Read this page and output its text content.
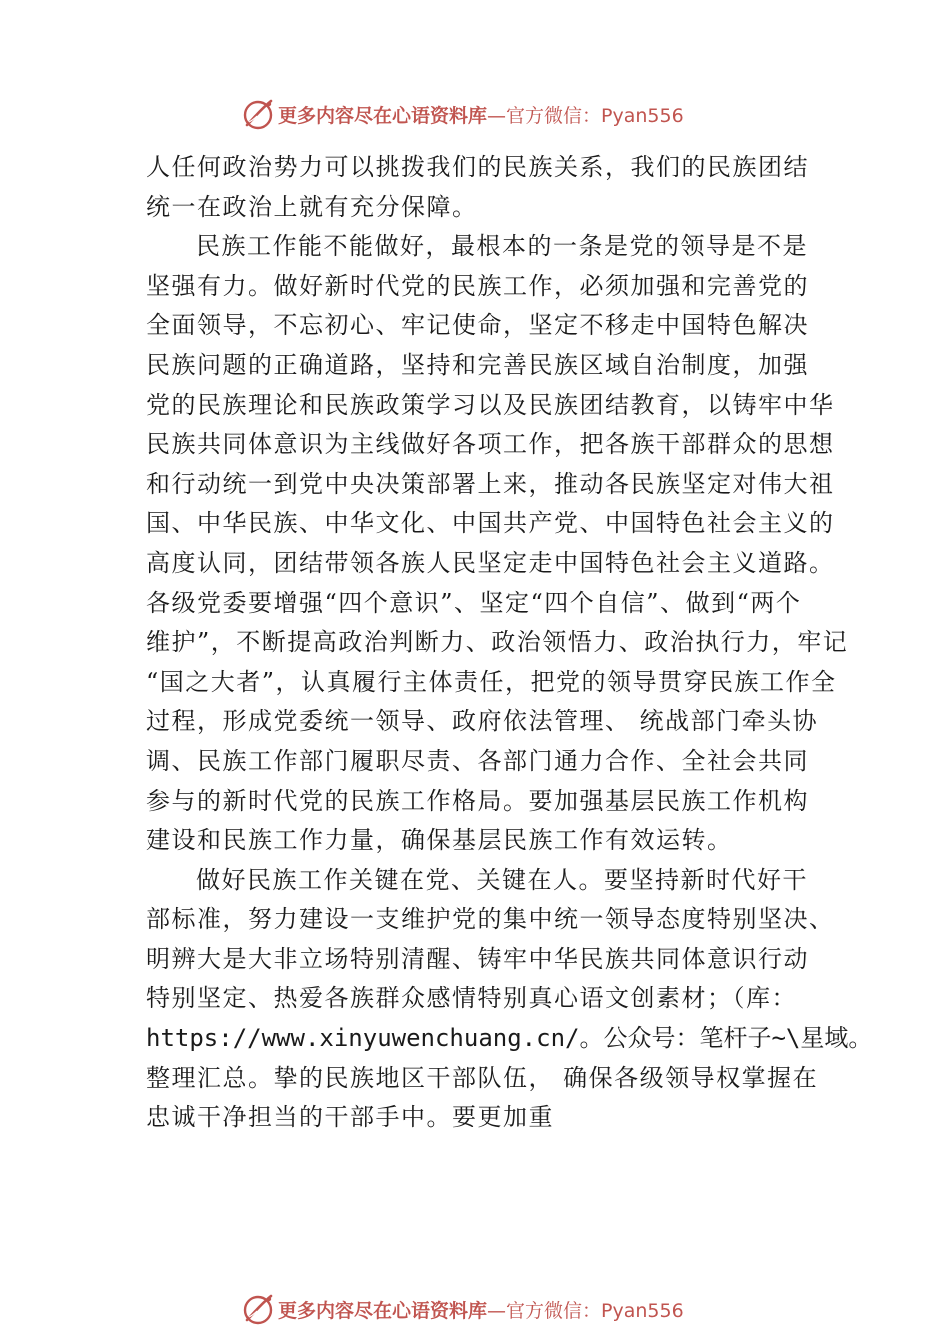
更多内容尽在心语资料库 —官方微信：Pyan556
人任何政治势力可以挑拨我们的民族关系，我们的民族团结
统一在政治上就有充分保障。
民族工作能不能做好，最根本的一条是党的领导是不是
坚强有力。做好新时代党的民族工作，必须加强和完善党的
全面领导，不忘初心、牢记使命，坚定不移走中国特色解决
民族问题的正确道路，坚持和完善民族区域自治制度，加强
党的民族理论和民族政策学习以及民族团结教育，以铸牢中华
民族共同体意识为主线做好各项工作，把各族干部群众的思想
和行动统一到党中央决策部署上来，推动各民族坚定对伟大祖
国、中华民族、中华文化、中国共产党、中国特色社会主义的
高度认同，团结带领各族人民坚定走中国特色社会主义道路。
各级党委要增强“四个意识”、坚定“四个自信”、做到“两个
维护”，不断提高政治判断力、政治领悟力、政治执行力，牢记
“国之大者”，认真履行主体责任，把党的领导贯穿民族工作全
过程，形成党委统一领导、政府依法管理、 统战部门牵头协
调、民族工作部门履职尽责、各部门通力合作、全社会共同
参与的新时代党的民族工作格局。要加强基层民族工作机构
建设和民族工作力量，确保基层民族工作有效运转。
做好民族工作关键在党、关键在人。要坚持新时代好干
部标准，努力建设一支维护党的集中统一领导态度特别坚决、
明辨大是大非立场特别清醒、铸牢中华民族共同体意识行动
特别坚定、热爱各族群众感情特别真心语文创素材；（库：
https://www.xinyuwenchuang.cn/。公众号：笔杆子~\星域。
整理汇总。挚的民族地区干部队伍， 确保各级领导权掌握在
忠诚干净担当的干部手中。要更加重
更多内容尽在心语资料库 —官方微信：Pyan556
